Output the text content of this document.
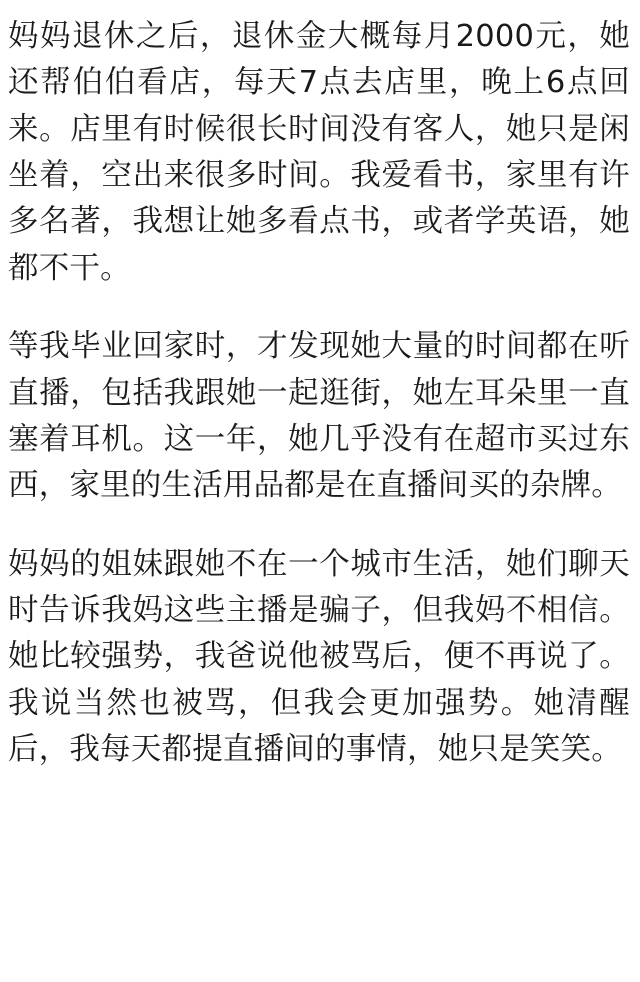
妈妈退休之后，退休金大概每月2000元，她还帮伯伯看店，每天7点去店里，晚上6点回来。店里有时候很长时间没有客人，她只是闲坐着，空出来很多时间。我爱看书，家里有许多名著，我想让她多看点书，或者学英语，她都不干。

等我毕业回家时，才发现她大量的时间都在听直播，包括我跟她一起逛街，她左耳朵里一直塞着耳机。这一年，她几乎没有在超市买过东西，家里的生活用品都是在直播间买的杂牌。

妈妈的姐妹跟她不在一个城市生活，她们聊天时告诉我妈这些主播是骗子，但我妈不相信。她比较强势，我爸说他被骂后，便不再说了。我说当然也被骂，但我会更加强势。她清醒后，我每天都提直播间的事情，她只是笑笑。
